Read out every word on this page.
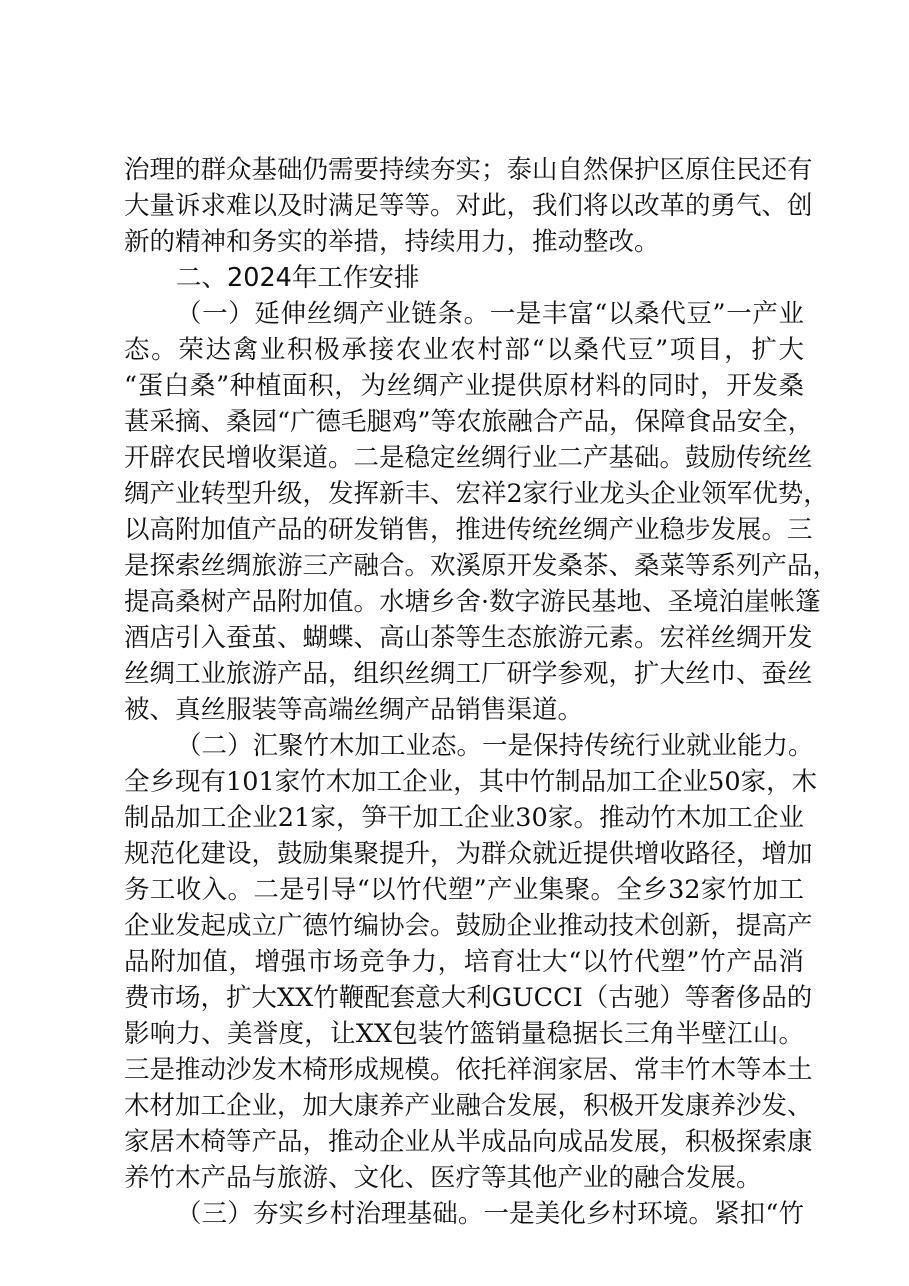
治理的群众基础仍需要持续夯实；泰山自然保护区原住民还有
大量诉求难以及时满足等等。对此，我们将以改革的勇气、创
新的精神和务实的举措，持续用力，推动整改。
二、2024年工作安排
（一）延伸丝绸产业链条。一是丰富“以桑代豆”一产业
态。荣达禽业积极承接农业农村部“以桑代豆”项目，扩大
“蛋白桑”种植面积，为丝绸产业提供原材料的同时，开发桑
葚采摘、桑园“广德毛腿鸡”等农旅融合产品，保障食品安全，
开辟农民增收渠道。二是稳定丝绸行业二产基础。鼓励传统丝
绸产业转型升级，发挥新丰、宏祥2家行业龙头企业领军优势，
以高附加值产品的研发销售，推进传统丝绸产业稳步发展。三
是探索丝绸旅游三产融合。欢溪原开发桑茶、桑菜等系列产品，
提高桑树产品附加值。水塘乡舍·数字游民基地、圣境泊崖帐篷
酒店引入蚕茧、蝴蝶、高山茶等生态旅游元素。宏祥丝绸开发
丝绸工业旅游产品，组织丝绸工厂研学参观，扩大丝巾、蚕丝
被、真丝服装等高端丝绸产品销售渠道。
（二）汇聚竹木加工业态。一是保持传统行业就业能力。
全乡现有101家竹木加工企业，其中竹制品加工企业50家，木
制品加工企业21家，笋干加工企业30家。推动竹木加工企业
规范化建设，鼓励集聚提升，为群众就近提供增收路径，增加
务工收入。二是引导“以竹代塑”产业集聚。全乡32家竹加工
企业发起成立广德竹编协会。鼓励企业推动技术创新，提高产
品附加值，增强市场竞争力，培育壮大“以竹代塑”竹产品消
费市场，扩大XX竹鞭配套意大利GUCCI（古驰）等奢侈品的
影响力、美誉度，让XX包装竹篮销量稳据长三角半壁江山。
三是推动沙发木椅形成规模。依托祥润家居、常丰竹木等本土
木材加工企业，加大康养产业融合发展，积极开发康养沙发、
家居木椅等产品，推动企业从半成品向成品发展，积极探索康
养竹木产品与旅游、文化、医疗等其他产业的融合发展。
（三）夯实乡村治理基础。一是美化乡村环境。紧扣“竹
